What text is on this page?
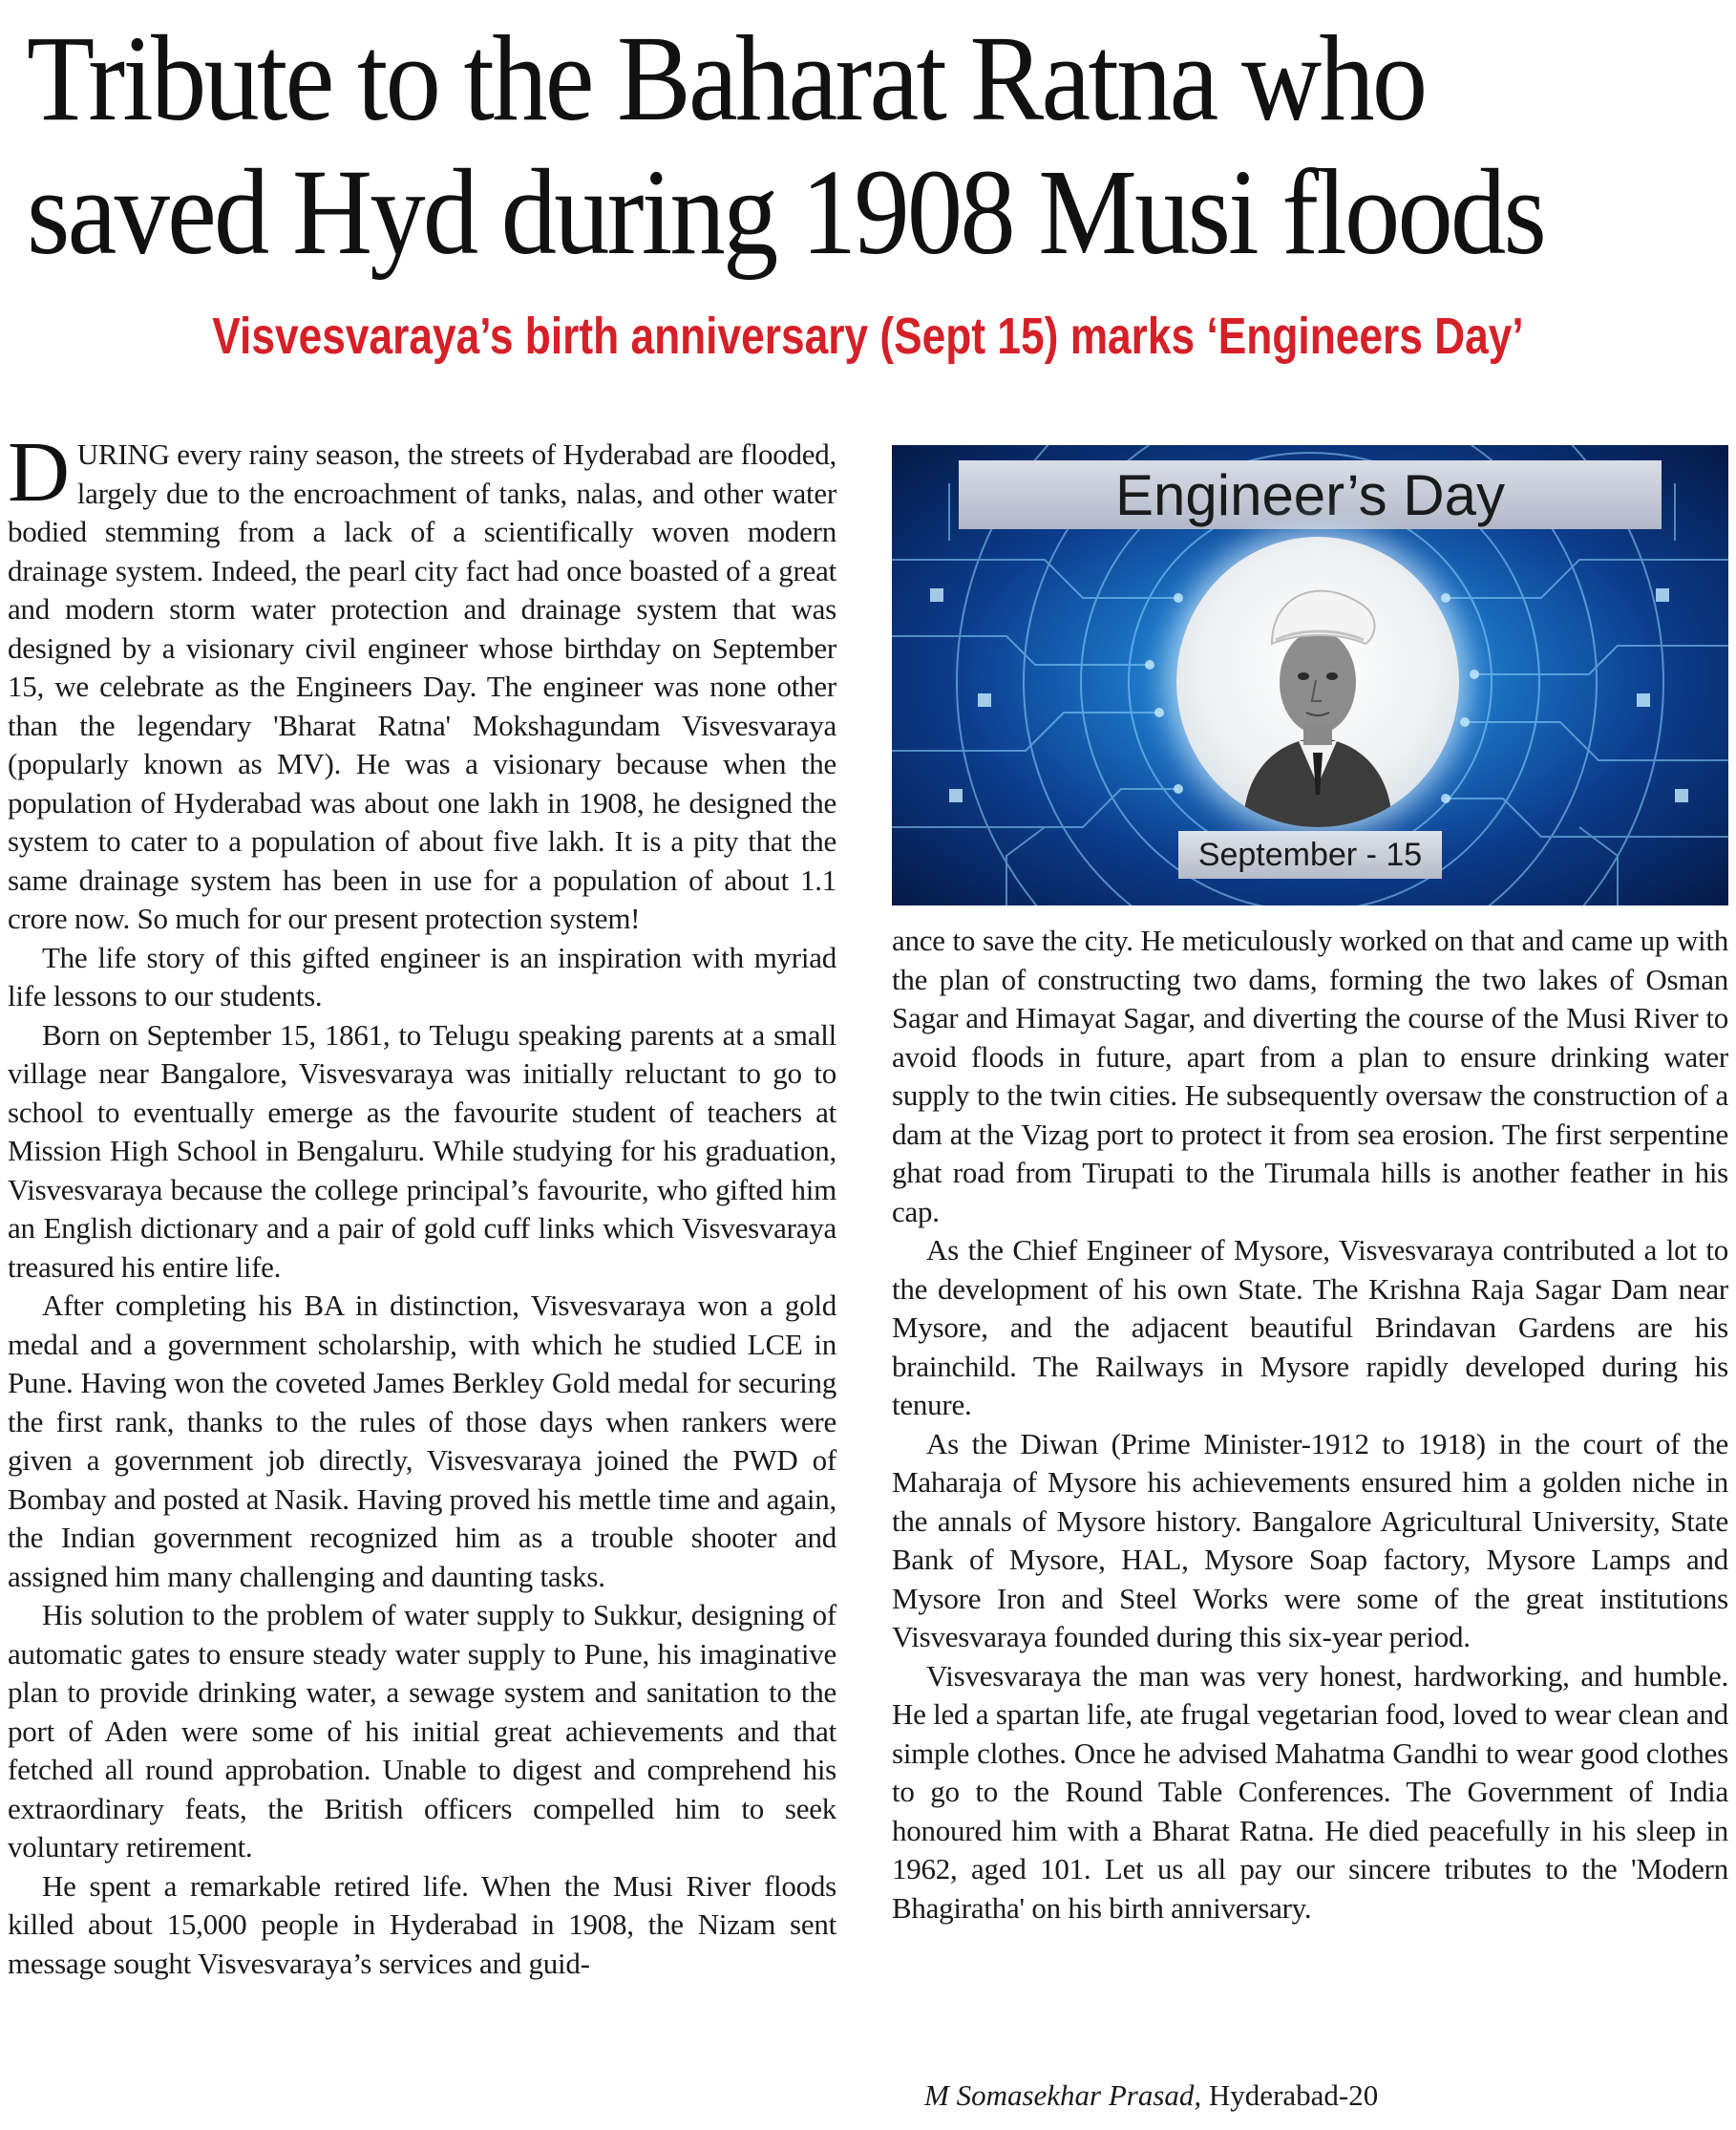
Tribute to the Baharat Ratna who
saved Hyd during 1908 Musi floods
Visvesvaraya’s birth anniversary (Sept 15) marks ‘Engineers Day’

DURING every rainy season, the streets of Hyderabad are flooded, largely due to the encroachment of tanks, nalas, and other water bodied stemming from a lack of a scientifically woven modern drainage system. Indeed, the pearl city fact had once boasted of a great and modern storm water protection and drainage system that was designed by a visionary civil engineer whose birthday on September 15, we celebrate as the Engineers Day. The engineer was none other than the legendary 'Bharat Ratna' Mokshagundam Visvesvaraya (popularly known as MV). He was a visionary because when the population of Hyderabad was about one lakh in 1908, he designed the system to cater to a population of about five lakh. It is a pity that the same drainage system has been in use for a population of about 1.1 crore now. So much for our present protection system!

The life story of this gifted engineer is an inspiration with myriad life lessons to our students.

Born on September 15, 1861, to Telugu speaking parents at a small village near Bangalore, Visvesvaraya was initially reluctant to go to school to eventually emerge as the favourite student of teachers at Mission High School in Bengaluru. While studying for his graduation, Visvesvaraya because the college principal’s favourite, who gifted him an English dictionary and a pair of gold cuff links which Visvesvaraya treasured his entire life.

After completing his BA in distinction, Visvesvaraya won a gold medal and a government scholarship, with which he studied LCE in Pune. Having won the coveted James Berkley Gold medal for securing the first rank, thanks to the rules of those days when rankers were given a government job directly, Visvesvaraya joined the PWD of Bombay and posted at Nasik. Having proved his mettle time and again, the Indian government recognized him as a trouble shooter and assigned him many challenging and daunting tasks.

His solution to the problem of water supply to Sukkur, designing of automatic gates to ensure steady water supply to Pune, his imaginative plan to provide drinking water, a sewage system and sanitation to the port of Aden were some of his initial great achievements and that fetched all round approbation. Unable to digest and comprehend his extraordinary feats, the British officers compelled him to seek voluntary retirement.

He spent a remarkable retired life. When the Musi River floods killed about 15,000 people in Hyderabad in 1908, the Nizam sent message sought Visvesvaraya’s services and guid-

Engineer’s Day
September - 15

ance to save the city. He meticulously worked on that and came up with the plan of constructing two dams, forming the two lakes of Osman Sagar and Himayat Sagar, and diverting the course of the Musi River to avoid floods in future, apart from a plan to ensure drinking water supply to the twin cities. He subsequently oversaw the construction of a dam at the Vizag port to protect it from sea erosion. The first serpentine ghat road from Tirupati to the Tirumala hills is another feather in his cap.

As the Chief Engineer of Mysore, Visvesvaraya contributed a lot to the development of his own State. The Krishna Raja Sagar Dam near Mysore, and the adjacent beautiful Brindavan Gardens are his brainchild. The Railways in Mysore rapidly developed during his tenure.

As the Diwan (Prime Minister-1912 to 1918) in the court of the Maharaja of Mysore his achievements ensured him a golden niche in the annals of Mysore history. Bangalore Agricultural University, State Bank of Mysore, HAL, Mysore Soap factory, Mysore Lamps and Mysore Iron and Steel Works were some of the great institutions Visvesvaraya founded during this six-year period.

Visvesvaraya the man was very honest, hardworking, and humble. He led a spartan life, ate frugal vegetarian food, loved to wear clean and simple clothes. Once he advised Mahatma Gandhi to wear good clothes to go to the Round Table Conferences. The Government of India honoured him with a Bharat Ratna. He died peacefully in his sleep in 1962, aged 101. Let us all pay our sincere tributes to the 'Modern Bhagiratha' on his birth anniversary.

M Somasekhar Prasad, Hyderabad-20
